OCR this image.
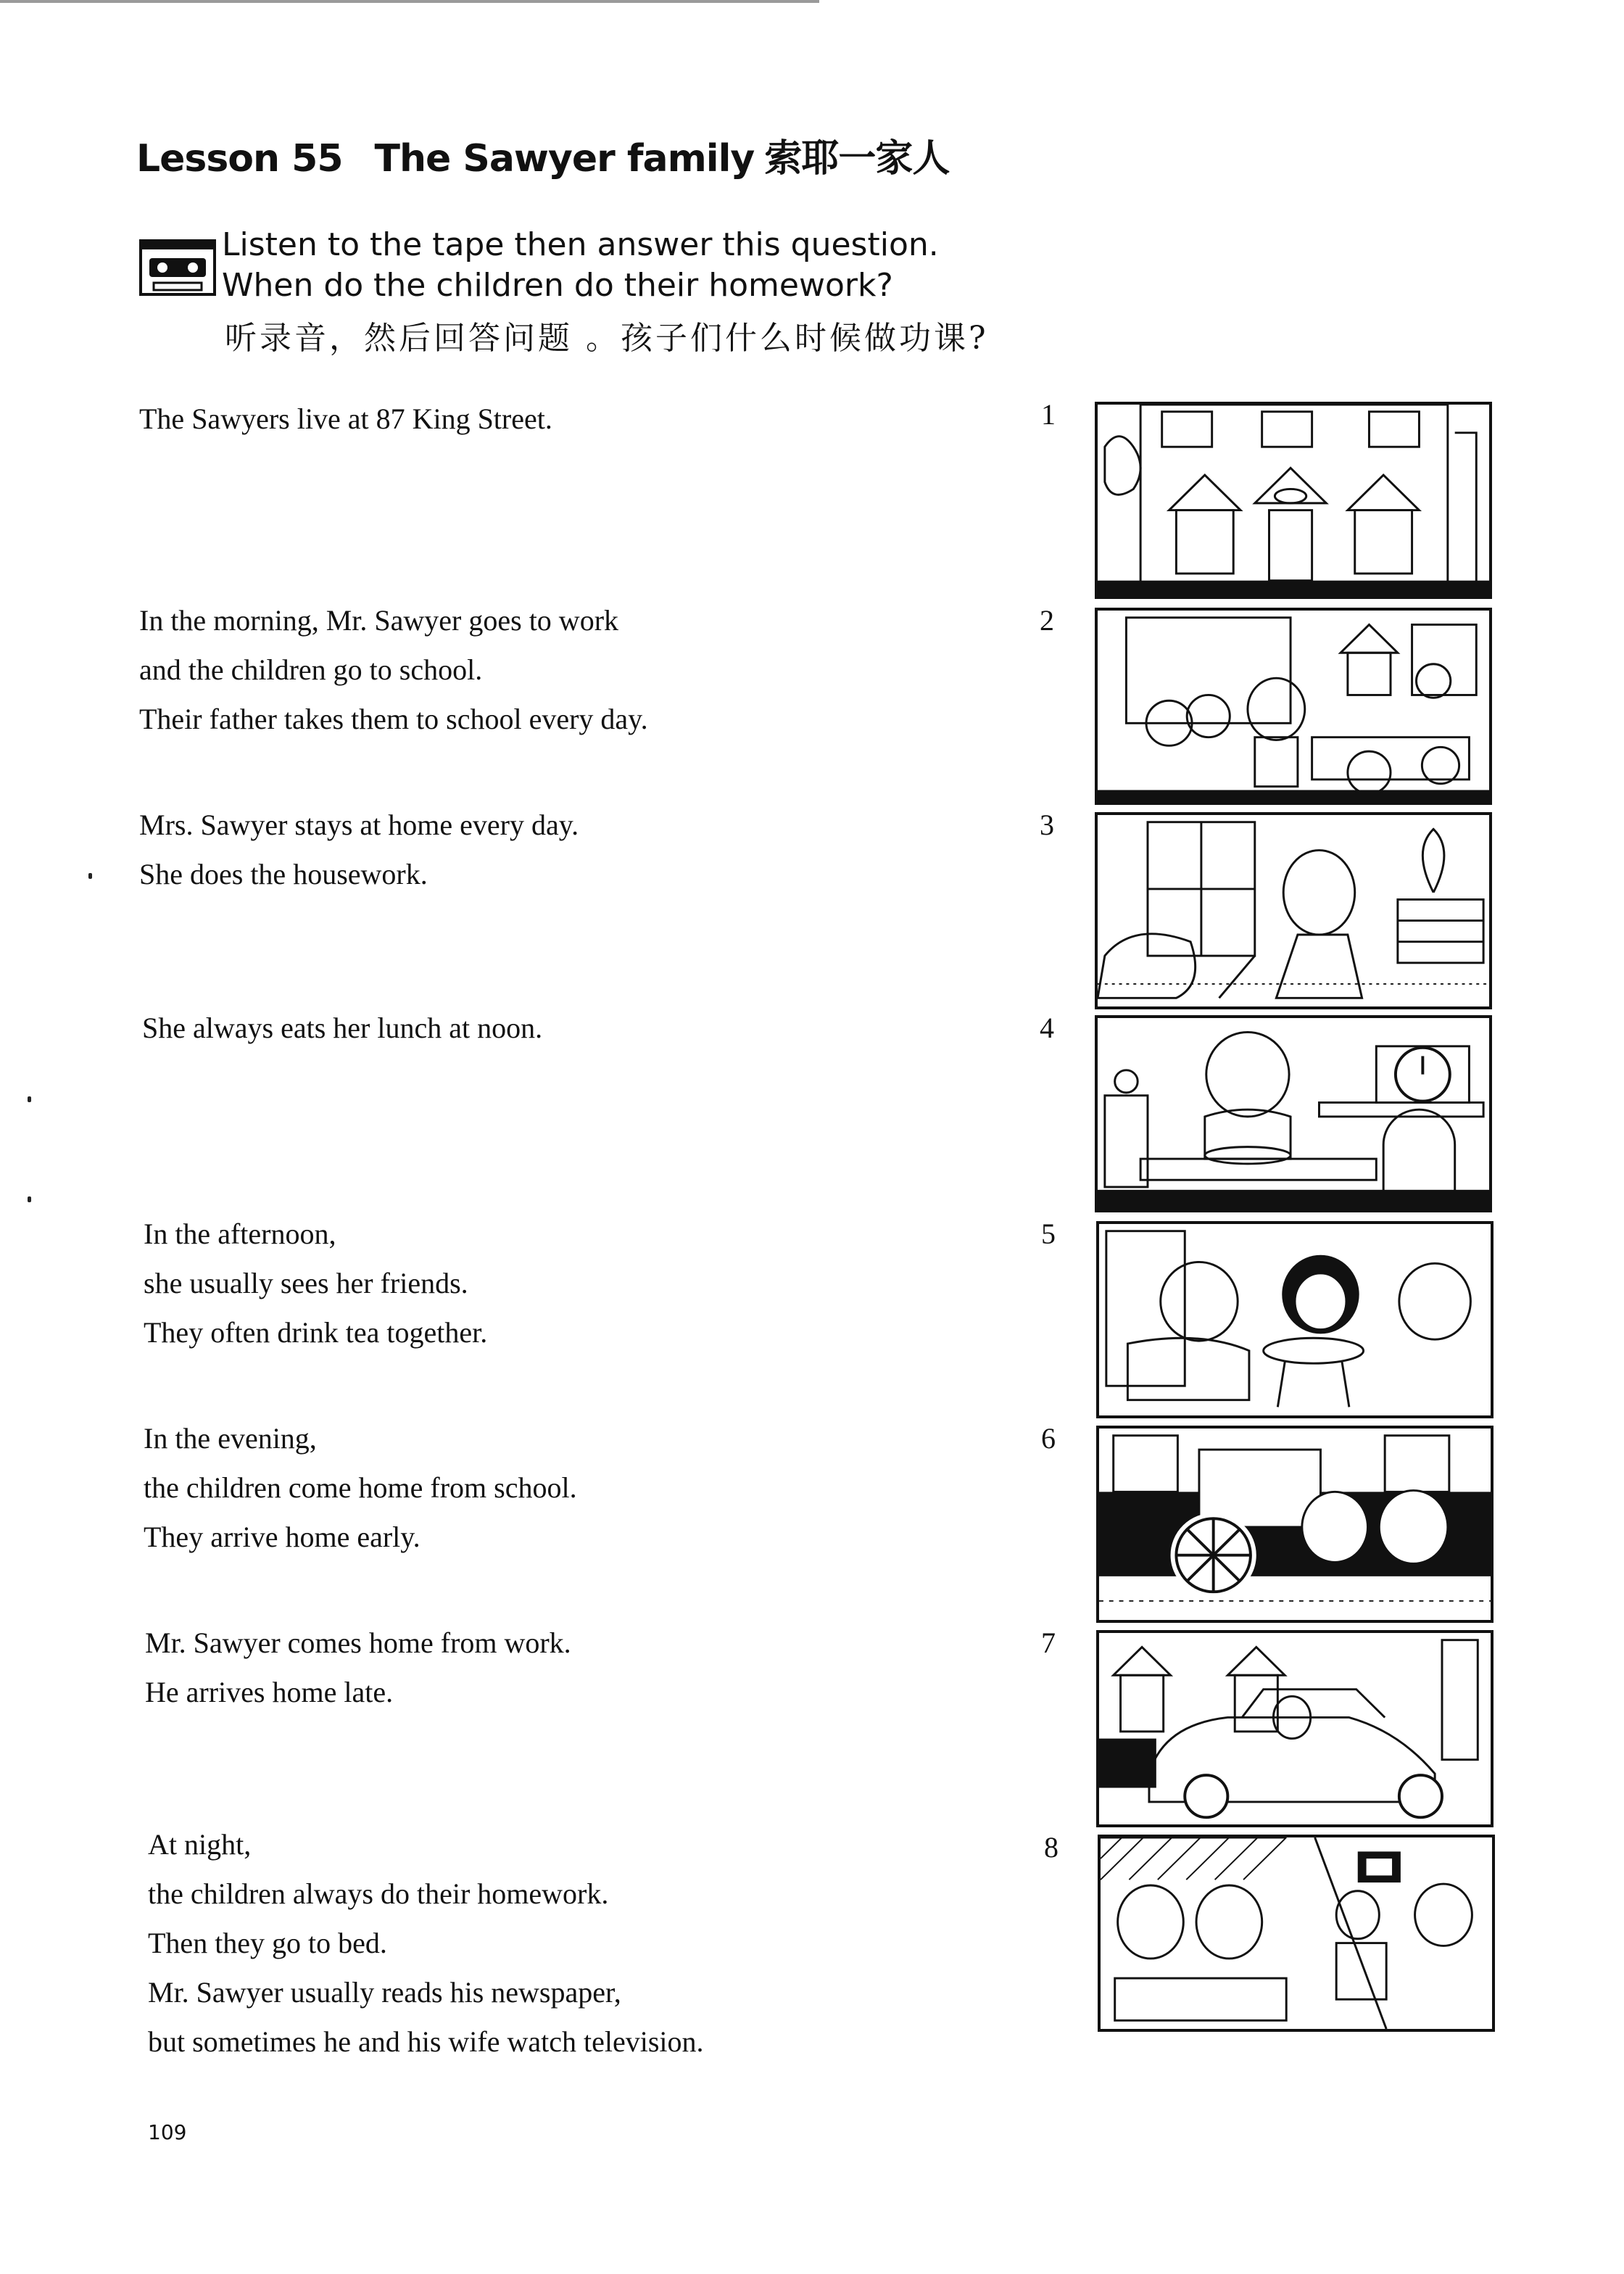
Lesson 55 The Sawyer family 索耶一家人
Listen to the tape then answer this question.
When do the children do their homework?
听录音，然后回答问题 。孩子们什么时候做功课?
The Sawyers live at 87 King Street.	1
In the morning, Mr. Sawyer goes to work
and the children go to school.
Their father takes them to school every day.
2
Mrs. Sawyer stays at home every day.
She does the housework.
3
She always eats her lunch at noon.	4
In the afternoon,
she usually sees her friends.
They often drink tea together.
5
In the evening,
the children come home from school.
They arrive home early.
6
Mr. Sawyer comes home from work.
He arrives home late.
7
At night,
the children always do their homework.
Then they go to bed.
Mr. Sawyer usually reads his newspaper,
but sometimes he and his wife watch television.
8
109
